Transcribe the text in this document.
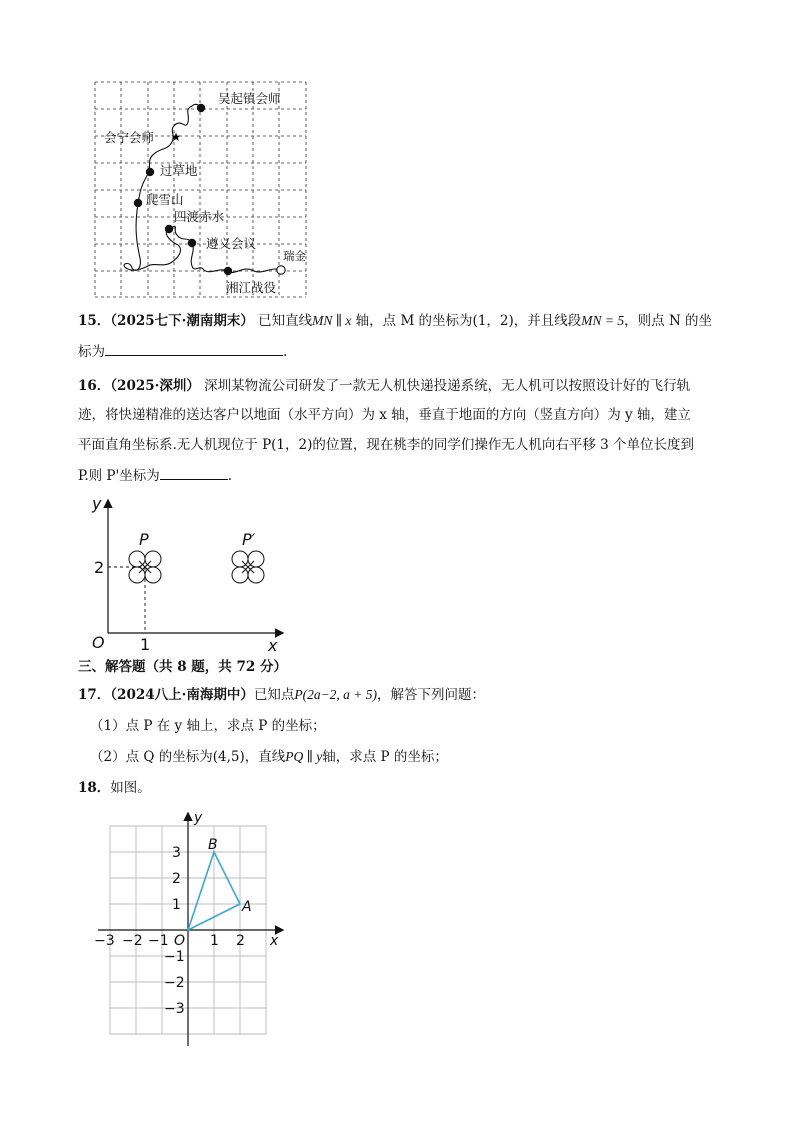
★
吴起镇会师
会宁会师
过草地
爬雪山
四渡赤水
遵义会议
瑞金
湘江战役
15．（2025七下·潮南期末） 已知直线MN ∥ x 轴，点 M 的坐标为(1，2)，并且线段MN = 5，则点 N 的坐
标为	.
16．（2025·深圳） 深圳某物流公司研发了一款无人机快递投递系统，无人机可以按照设计好的飞行轨
迹，将快递精准的送达客户以地面（水平方向）为 x 轴，垂直于地面的方向（竖直方向）为 y 轴，建立
平面直角坐标系.无人机现位于 P(1，2)的位置，现在桃李的同学们操作无人机向右平移 3 个单位长度到
P.则 P'坐标为	.
y
x
O 1
2
P	P′
三、解答题（共 8 题，共 72 分）
17．（2024八上·南海期中）已知点P(2a−2, a + 5)，解答下列问题：
（1）点 P 在 y 轴上，求点 P 的坐标；
（2）点 Q 的坐标为(4,5)，直线PQ ∥ y轴，求点 P 的坐标；
18．如图。
y
x
O
A
B
−3 −2 −1	1 2
3
2
1
−1
−2
−3
